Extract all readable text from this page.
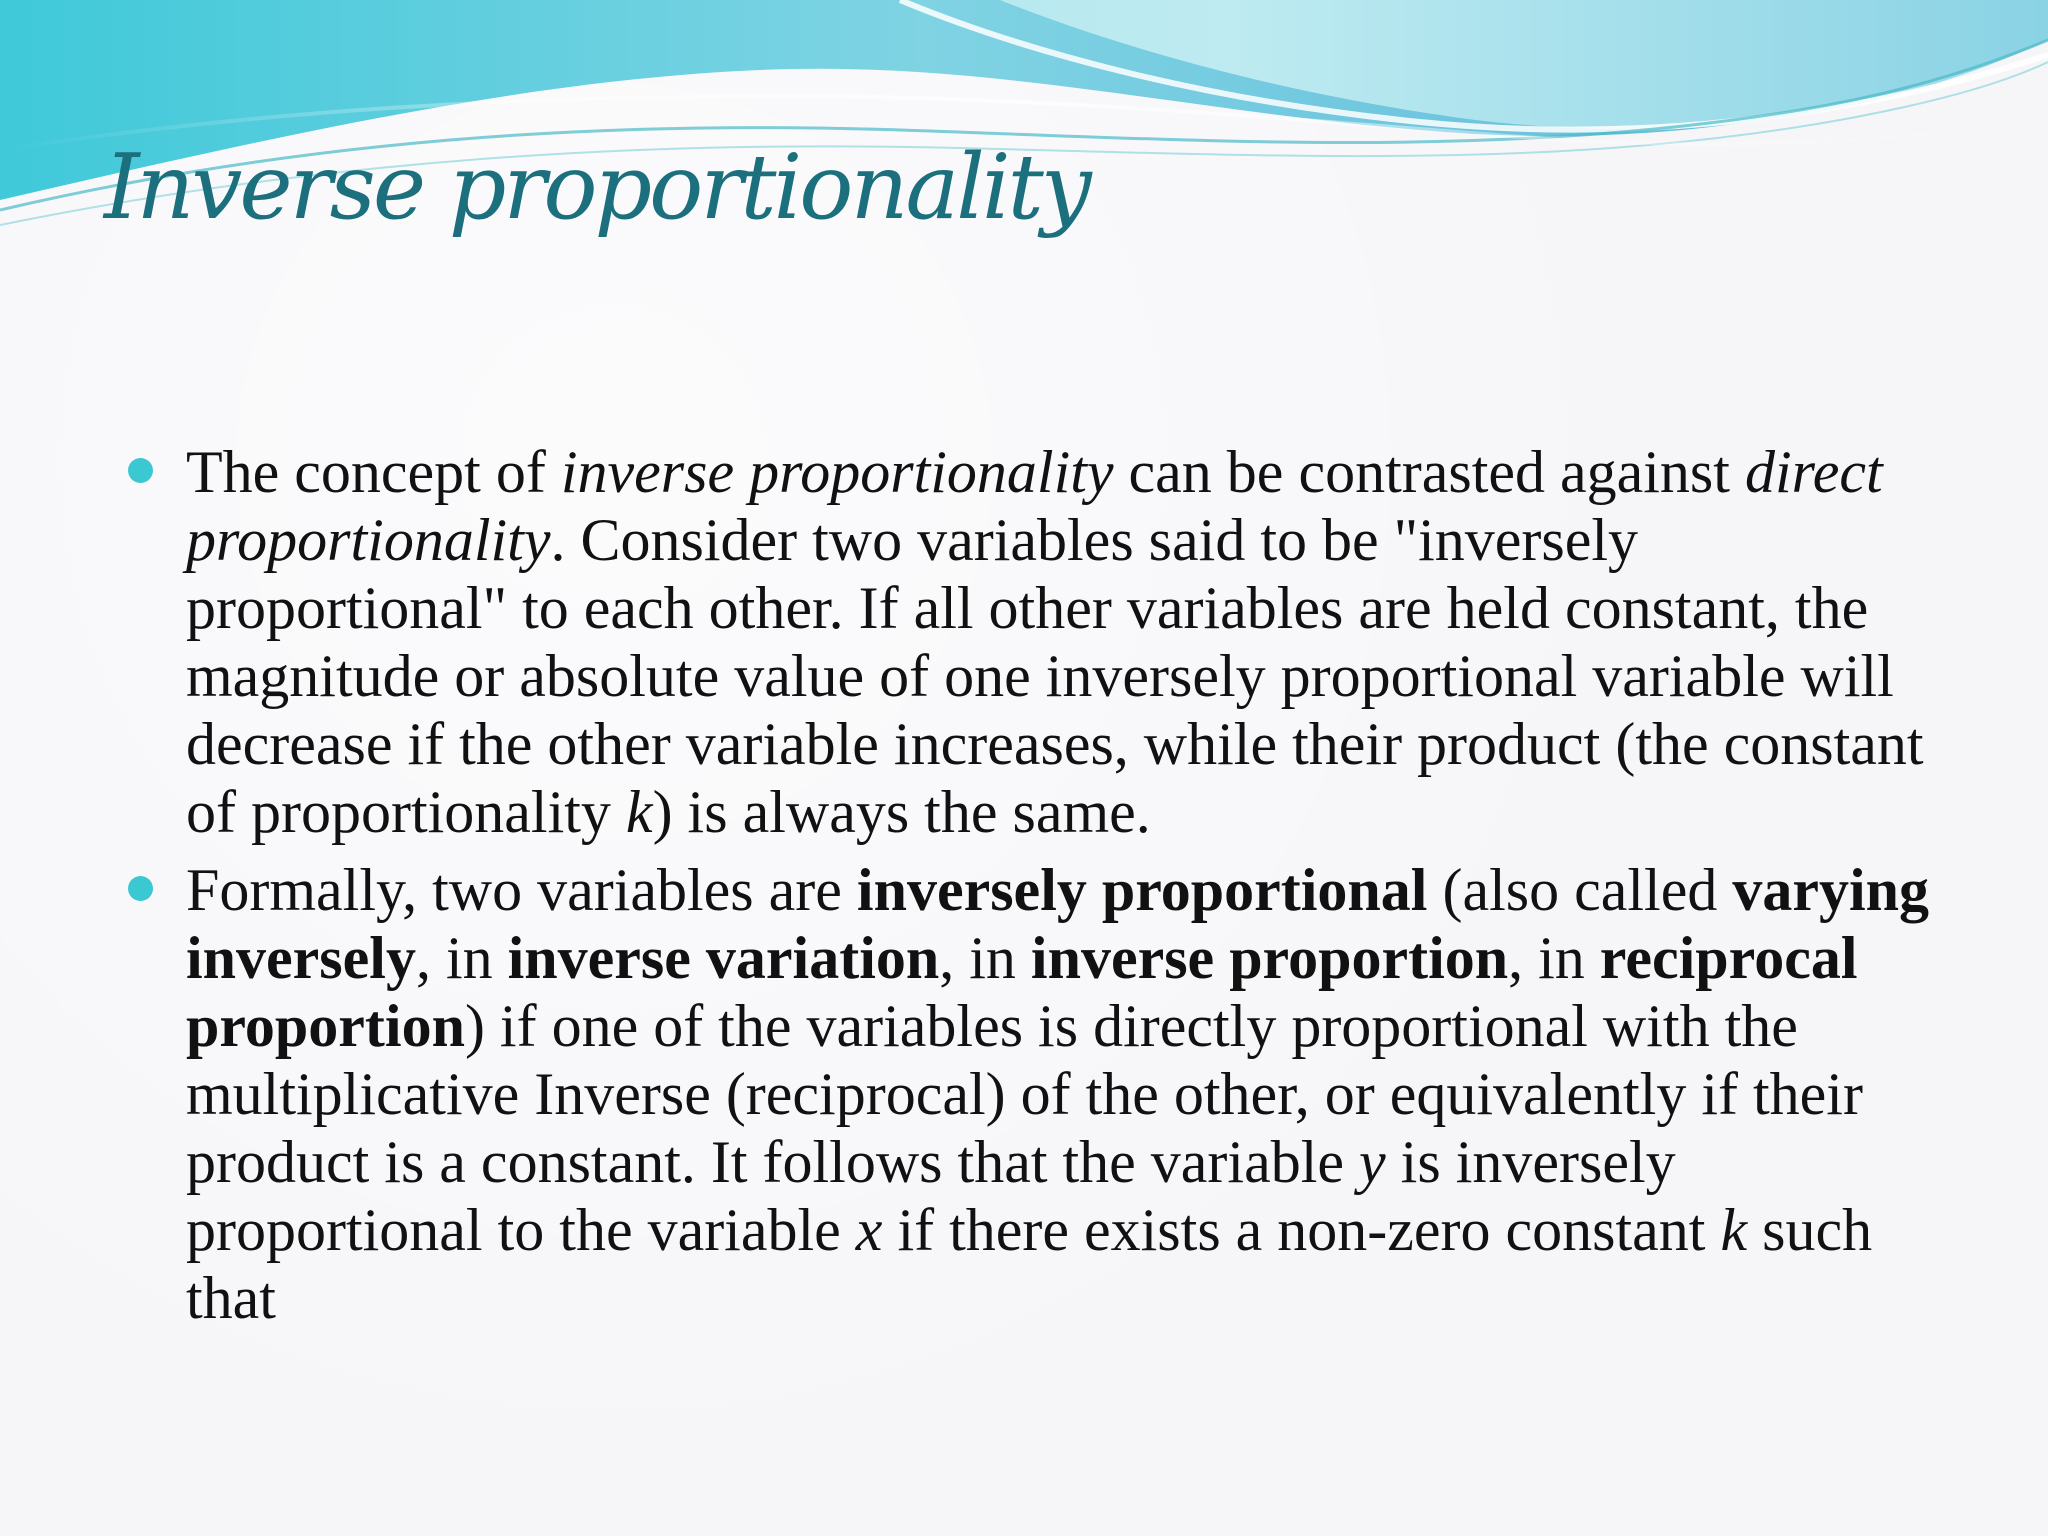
Inverse proportionality
The concept of inverse proportionality can be contrasted against direct proportionality. Consider two variables said to be "inversely proportional" to each other. If all other variables are held constant, the magnitude or absolute value of one inversely proportional variable will decrease if the other variable increases, while their product (the constant of proportionality k) is always the same.
Formally, two variables are inversely proportional (also called varying inversely, in inverse variation, in inverse proportion, in reciprocal proportion) if one of the variables is directly proportional with the multiplicative Inverse (reciprocal) of the other, or equivalently if their product is a constant. It follows that the variable y is inversely proportional to the variable x if there exists a non-zero constant k such that
